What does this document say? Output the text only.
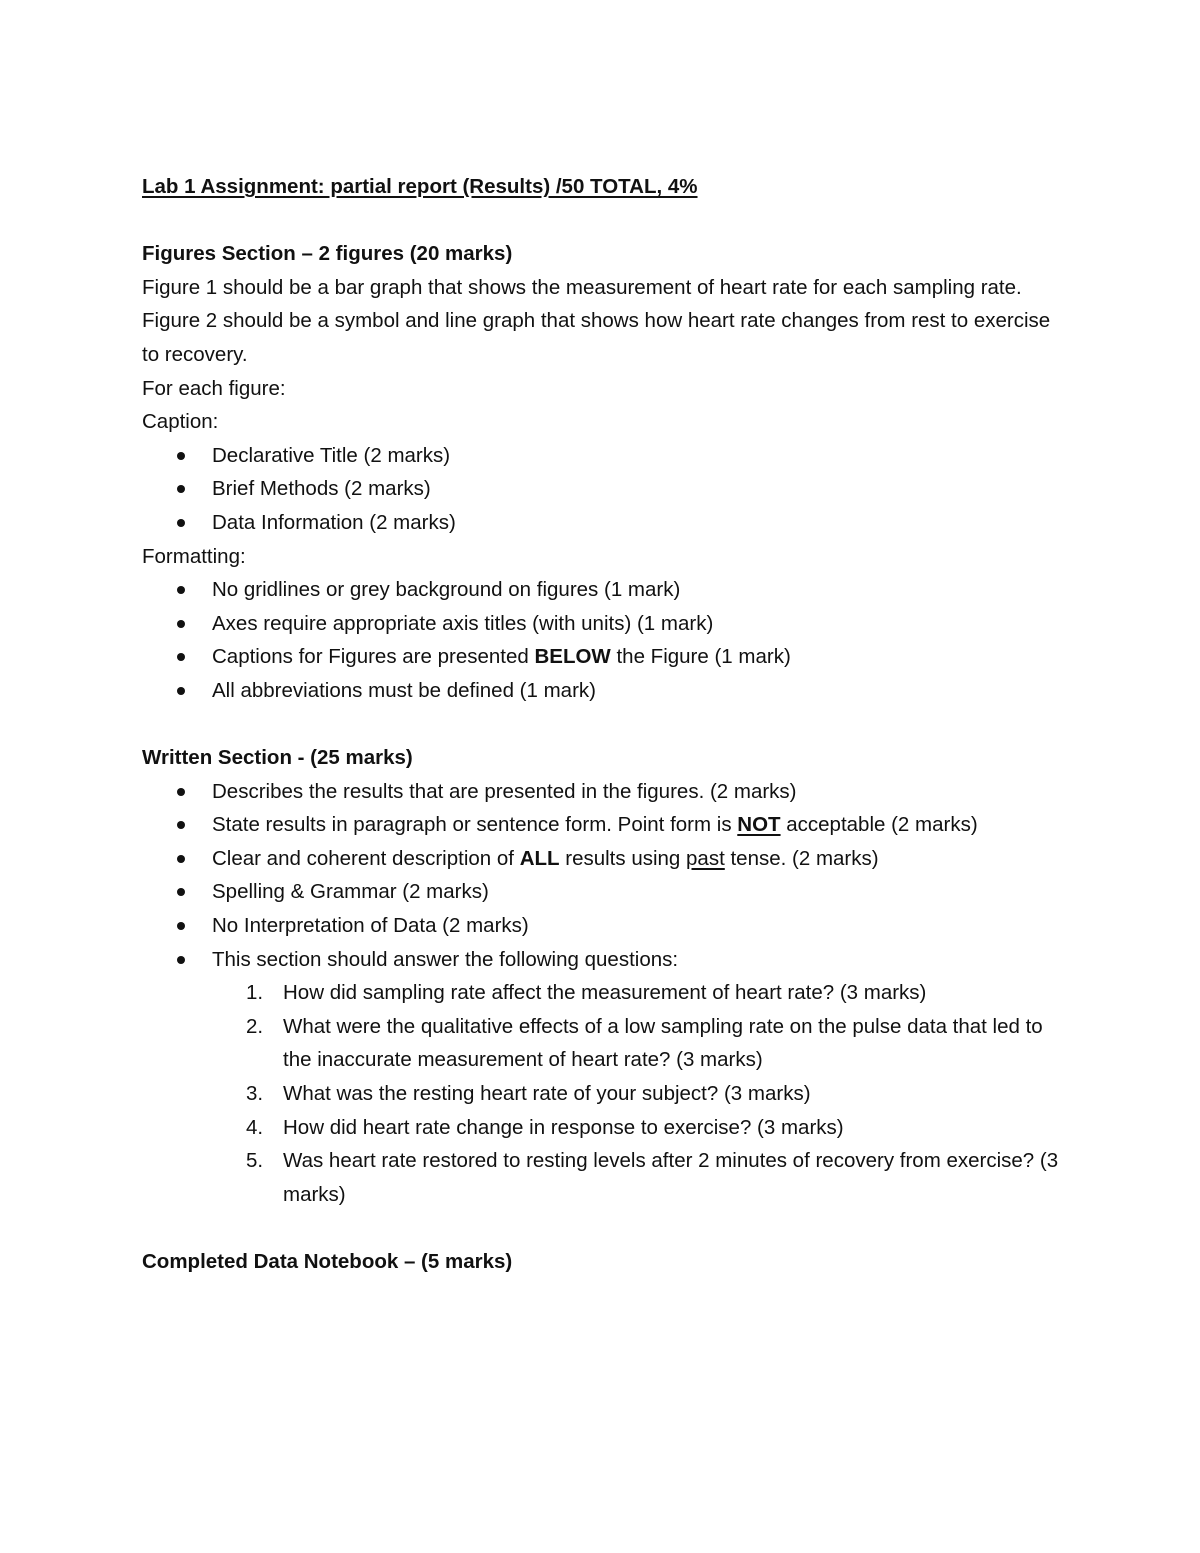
Lab 1 Assignment: partial report (Results) /50 TOTAL, 4%

Figures Section – 2 figures (20 marks)

Figure 1 should be a bar graph that shows the measurement of heart rate for each sampling rate.

Figure 2 should be a symbol and line graph that shows how heart rate changes from rest to exercise to recovery.

For each figure:

Caption:

Declarative Title (2 marks)
Brief Methods (2 marks)
Data Information (2 marks)

Formatting:

No gridlines or grey background on figures (1 mark)
Axes require appropriate axis titles (with units) (1 mark)
Captions for Figures are presented BELOW the Figure (1 mark)
All abbreviations must be defined (1 mark)

Written Section - (25 marks)

Describes the results that are presented in the figures. (2 marks)
State results in paragraph or sentence form. Point form is NOT acceptable (2 marks)
Clear and coherent description of ALL results using past tense. (2 marks)
Spelling & Grammar (2 marks)
No Interpretation of Data (2 marks)
This section should answer the following questions:
1. How did sampling rate affect the measurement of heart rate? (3 marks)
2. What were the qualitative effects of a low sampling rate on the pulse data that led to the inaccurate measurement of heart rate? (3 marks)
3. What was the resting heart rate of your subject? (3 marks)
4. How did heart rate change in response to exercise? (3 marks)
5. Was heart rate restored to resting levels after 2 minutes of recovery from exercise? (3 marks)

Completed Data Notebook – (5 marks)
